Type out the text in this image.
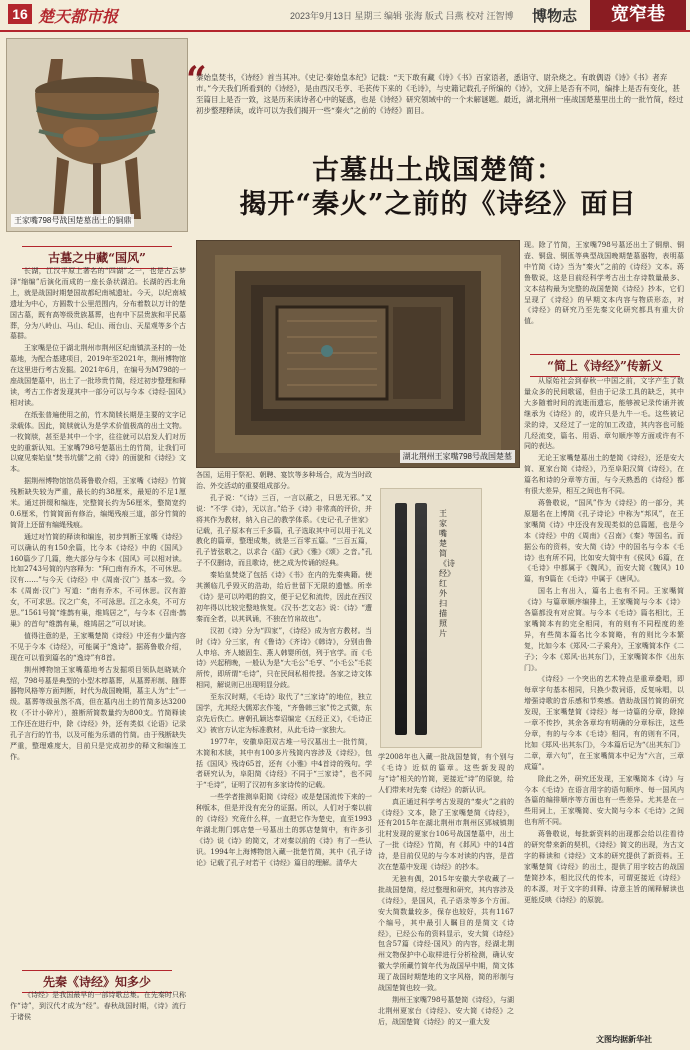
16 楚天都市报	2023年9月13日 星期三 编辑 张海 版式 吕燕 校对 汪智博 博物志	宽窄巷
王家嘴798号战国楚墓出土的铜鼎
“
秦始皇焚书，《诗经》首当其冲。《史记·秦始皇本纪》记载：“天下敢有藏《诗》《书》百家语者，悉诣守、尉杂烧之。有敢偶语《诗》《书》者弃市。”今天我们所看到的《诗经》，是由西汉毛亨、毛苌传下来的《毛诗》，与史籍记载孔子所编的《诗》，文辞上是否有不同，编排上是否有变化，甚至篇目上是否一致，这是历来读诗者心中的疑惑，也是《诗经》研究领域中的一个未解谜题。最近，湖北荆州一座战国楚墓里出土的一批竹简，经过初步整理释读，或许可以为我们揭开一些“秦火”之前的《诗经》面目。
古墓出土战国楚简：
揭开“秦火”之前的《诗经》面目
古墓之中藏“国风”

长湖，江汉平原上著名的“四湖”之一，也是古云梦泽“缩编”后演化而成的一座长条状湖泊。长湖的西北角上，就是战国时期楚国故都纪南城遗址。今天，以纪南城遗址为中心，方圆数十公里范围内，分布着数以万计的楚国古墓，既有高等级贵族墓葬，也有中下层贵族和平民墓葬，分为八岭山、马山、纪山、雨台山、天星观等多个古墓群。

王家嘴是位于湖北荆州市荆州区纪南镇洪圣村的一处墓地，为配合基建项目，2019年至2021年，荆州博物馆在这里进行考古发掘。2021年6月，在编号为M798的一座战国楚墓中，出土了一批珍贵竹简，经过初步整理和释读，考古工作者发现其中一部分可以与今本《诗经·国风》相对读。

在纸张普遍使用之前，竹木简牍长期是主要的文字记录载体。因此，简牍就认为是学术价值极高的出土文物。一枚简牍，甚至是其中一个字，往往就可以启发人们对历史的重新认知。王家嘴798号楚墓出土的竹简，让我们可以窥见秦始皇“焚书坑儒”之前《诗》的面貌和《诗经》文本。

据荆州博物馆馆员蒋鲁敬介绍，王家嘴《诗经》竹简残断缺失较为严重，最长的约38厘米，最短的不足1厘米。通过拼缀和编连，完整简长约为56厘米，整简宽约0.6厘米，竹简简面有修治，编绳残痕三道，部分竹简的简背上还留有编绳残痕。

通过对竹简的释读和编连，初步判断王家嘴《诗经》可以确认的有150余篇，比今本《诗经》中的《国风》160篇少了几篇，绝大部分与今本《国风》可以相对读。比如2743号简的内容释为：“拜□南有乔木，不可休思。汉有……”与今天《诗经》中《周南·汉广》基本一致。今本《周南·汉广》写道：“南有乔木，不可休思。汉有游女，不可求思。汉之广矣，不可泳思。江之永矣，不可方思。”1561号简“维鹊有巢，维鸠居之”，与今本《召南·鹊巢》的首句“维鹊有巢，维鸠居之”可以对读。

值得注意的是，王家嘴楚简《诗经》中还有少量内容不见于今本《诗经》，可能属于“逸诗”。据蒋鲁敬介绍，现在可以看到篇名的“逸诗”有8首。

荆州博物馆王家嘴墓地考古发掘项目领队赵晓斌介绍，798号墓是典型的小型木椁墓葬，从墓葬形制、随葬器物风格等方面判断，时代为战国晚期，墓主人为“士”一级。墓葬等级虽然不高，但在墓内出土的竹简多达3200枚（不计小碎片），推断所简数量约为800支。竹简释读工作还在进行中，除《诗经》外，还有类似《论语》记录孔子言行的竹书，以及可能为乐谱的竹简。由于残断缺失严重，整理难度大，目前只是完成初步的释文和编连工作。

先秦《诗经》知多少

《诗经》是我国最早的一部诗歌总集。在先秦时只称作“诗”，到汉代才成为“经”。春秋战国时期，《诗》流行于诸侯

湖北荆州王家嘴798号战国楚墓

各国，运用于祭祀、朝聘、宴饮等多种场合，成为当时政治、外交活动的重要组成部分。

孔子说：“《诗》三百，一言以蔽之，曰思无邪。”又说：“不学《诗》，无以言。”给予《诗》非常高的评价，并将其作为教材，纳入自己的教学体系。《史记·孔子世家》记载，孔子原本有三千多篇，孔子选取其中可以用于礼义教化的篇章，整理成集，就是三百零五篇。“三百五篇，孔子皆弦歌之，以求合《韶》《武》《雅》《颂》之音。”孔子不仅删诗，而且歌诗，使之成为传诵的经典。

秦始皇焚烧了包括《诗》《书》在内的先秦典籍。使其濒临几乎毁灭的浩劫，给后世留下无限的遗憾。所幸《诗》是可以吟唱的韵文，便于记忆和流传，因此在西汉初年得以比较完整地恢复。《汉书·艺文志》说：《诗》“遭秦而全者，以其讽诵，不独在竹帛故也”。

汉初《诗》分为“四家”，《诗经》成为官方教材。当时《诗》分三家，有《鲁诗》《齐诗》《韩诗》，分别由鲁人申培、齐人辕固生、燕人韩婴所创，列于官学。而《毛诗》兴起稍晚，一般认为是“大毛公”毛亨、“小毛公”毛苌所传，即所谓“毛诗”，只在民间私相传授。各家之诗文体相同，解说则已出现明显分歧。

至东汉时期，《毛诗》取代了“三家诗”的地位，独立国学，尤其经大儒郑玄作笺，“齐鲁韩三家”传之式微，东京先后佚亡。唐朝孔颖达奉诏编定《五经正义》，《毛诗正义》被官方认定为标准教材，从此毛诗一家独大。

1977年，安徽阜阳双古堆一号汉墓出土一批竹简，木简和木牍，其中有100多片残简内容涉及《诗经》，包括《国风》残诗65首，还有《小雅》中4首诗的残句。学者研究认为，阜阳简《诗经》不同于“三家诗”，也不同于“毛诗”，证明了汉初有多家诗传的记载。

一些学者推测阜阳简《诗经》或是楚国流传下来的一种版本，但是并没有充分的证据。所以，人们对于秦以前的《诗经》究竟什么样，一直把它作为楚史，直至1993年湖北荆门郭店楚一号墓出土的郭店楚简中，有许多引《诗》说《诗》的简文，才对秦以前的《诗》有了一些认识。1994年上海博物馆入藏一批楚竹简，其中《孔子诗论》记载了孔子对若干《诗经》篇目的理解。清华大

王家嘴楚简《诗经》红外扫描照片

学2008年也入藏一批战国楚简，有个别与《毛诗》近似的篇章。这些新发现的与“诗”相关的竹简，更接近“诗”的原貌，给人们带来对先秦《诗经》的新认识。

真正通过科学考古发现的“秦火”之前的《诗经》文本，除了王家嘴楚简《诗经》，还有2015年在湖北荆州市荆州区郢城镇荆北村发现的夏家台106号战国楚墓中，出土了一批《诗经》竹简，有《邶风》中的14首诗，是目前仅见的与今本对读的内容，是首次在楚墓中发现《诗经》的抄本。

无独有偶，2015年安徽大学收藏了一批战国楚简，经过整理和研究，其内容涉及《诗经》，是国风，孔子语录等多个方面。安大简数量较多，保存也较好，共有1167个编号，其中最引人瞩目的是简文《诗经》，已经公布的资料显示，安大简《诗经》包含57篇《诗经·国风》的内容，经湖北荆州文物保护中心取样进行分析检测，确认安徽大学所藏竹简年代为战国早中期，简文体现了战国时期楚地的文字风格，简的形制与战国楚简也较一致。

荆州王家嘴798号墓楚简《诗经》，与湖北荆州夏家台《诗经》、安大简《诗经》之后，战国楚简《诗经》的又一重大发

现。除了竹简，王家嘴798号墓还出土了铜鼎、铜壶、铜盘、铜匜等典型战国晚期楚墓器物，表明墓中竹简《诗》当为“秦火”之前的《诗经》文本。蒋鲁敬说，这是目前经科学考古出土存诗数量最多、文本结构最为完整的战国楚简《诗经》抄本，它们呈现了《诗经》的早期文本内容与物质形态，对《诗经》的研究乃至先秦文化研究都具有重大价值。

“简上《诗经》”传新义

从原始社会到春秋一中国之前，文字产生了数量众多的民间歌谣，但由于记录工具的缺乏，其中大多随着时间的流逝而遗忘，能够被记录传诵并被继承为《诗经》的，或许只是九牛一毛。这些被记录的诗，又经过了一定的加工改造，其内容也可能几经流变，篇名、用语、章句顺序等方面或许有不同的表达。

无论王家嘴楚墓出土的楚简《诗经》，还是安大简、夏家台简《诗经》，乃至阜阳汉简《诗经》，在篇名和诗的分章等方面，与今天熟悉的《诗经》都有很大差异，相互之间也有不同。

蒋鲁敬说，“国风”作为《诗经》的一部分，其原题名在上博简《孔子诗论》中称为“邦风”，在王家嘴简《诗》中还没有发现类似的总篇题，也是今本《诗经》中的《周南》《召南》《秦》等国名。而据公布的资料，安大简《诗》中的国名与今本《毛诗》也有所不同，比如安大简中有《侯风》6篇，在《毛诗》中都属于《魏风》，而安大简《魏风》10篇，有9篇在《毛诗》中属于《唐风》。

国名上有出入，篇名上也有不同。王家嘴简《诗》与篇章顺序编排上，王家嘴简与今本《诗》各篇都没有对应简。与今本《毛诗》篇名相比，王家嘴简本有的完全相同，有的则有不同程度的差异，有些简本篇名比今本简略，有的则比今本繁复，比如今本《郑风·二子乘舟》，王家嘴简本作《二子》；今本《郑风·出其东门》，王家嘴简本作《出东门》。

《诗经》一个突出的艺术特点是重章叠唱，即每章字句基本相同，只换少数词语，反复咏唱，以增强诗歌的音乐感和节奏感。借助战国竹简的研究发现，王家嘴楚简《诗经》每一诗篇的分章，除掉一章不传抄，其余各章均有明确的分章标注，这些分章，有的与今本《毛诗》相同，有的则有不同，比如《郑风·出其东门》，今本篇后记为“《出其东门》二章，章六句”，在王家嘴简本中记为“六言，三章成篇”。

除此之外，研究还发现，王家嘴简本《诗》与今本《毛诗》在语言用字的语句顺序、每一国风内各篇的编排顺序等方面也有一些差异。尤其是在一些用词上，王家嘴简、安大简与今本《毛诗》之间也有所不同。

蒋鲁敬说，每批新资料的出现都会给以往看待的研究带来新的契机，《诗经》简文的出现，为古文字的释读和《诗经》文本的研究提供了新资料。王家嘴楚简《诗经》的出土，提供了用字较古的战国楚简抄本，相比汉代的传本，可谓更接近《诗经》的本源，对于文字的训释、诗意主旨的阐释解读也更能反映《诗经》的原貌。

文图均据新华社
